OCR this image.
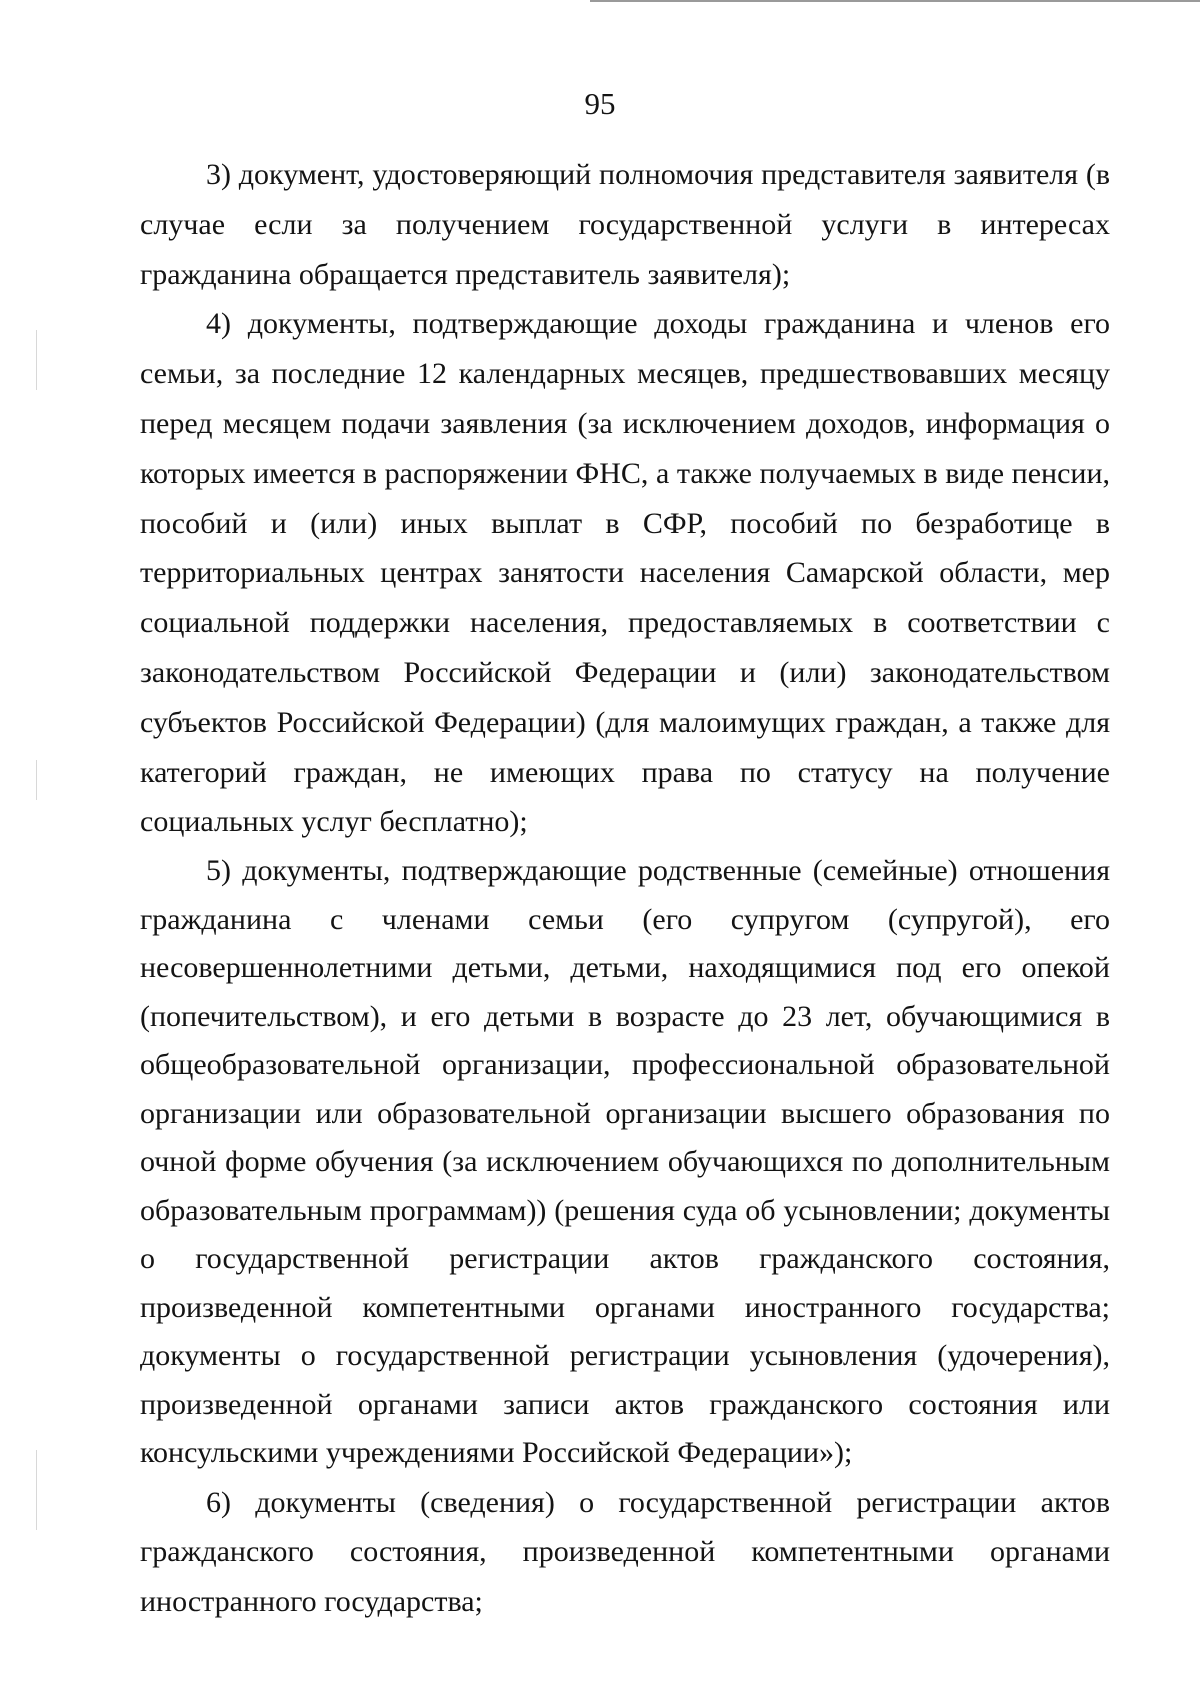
95

3) документ, удостоверяющий полномочия представителя заявителя (в случае если за получением государственной услуги в интересах гражданина обращается представитель заявителя);

4) документы, подтверждающие доходы гражданина и членов его семьи, за последние 12 календарных месяцев, предшествовавших месяцу перед месяцем подачи заявления (за исключением доходов, информация о которых имеется в распоряжении ФНС, а также получаемых в виде пенсии, пособий и (или) иных выплат в СФР, пособий по безработице в территориальных центрах занятости населения Самарской области, мер социальной поддержки населения, предоставляемых в соответствии с законодательством Российской Федерации и (или) законодательством субъектов Российской Федерации) (для малоимущих граждан, а также для категорий граждан, не имеющих права по статусу на получение социальных услуг бесплатно);

5) документы, подтверждающие родственные (семейные) отношения гражданина с членами семьи (его супругом (супругой), его несовершеннолетними детьми, детьми, находящимися под его опекой (попечительством), и его детьми в возрасте до 23 лет, обучающимися в общеобразовательной организации, профессиональной образовательной организации или образовательной организации высшего образования по очной форме обучения (за исключением обучающихся по дополнительным образовательным программам)) (решения суда об усыновлении; документы о государственной регистрации актов гражданского состояния, произведенной компетентными органами иностранного государства; документы о государственной регистрации усыновления (удочерения), произведенной органами записи актов гражданского состояния или консульскими учреждениями Российской Федерации»);

6) документы (сведения) о государственной регистрации актов гражданского состояния, произведенной компетентными органами иностранного государства;
